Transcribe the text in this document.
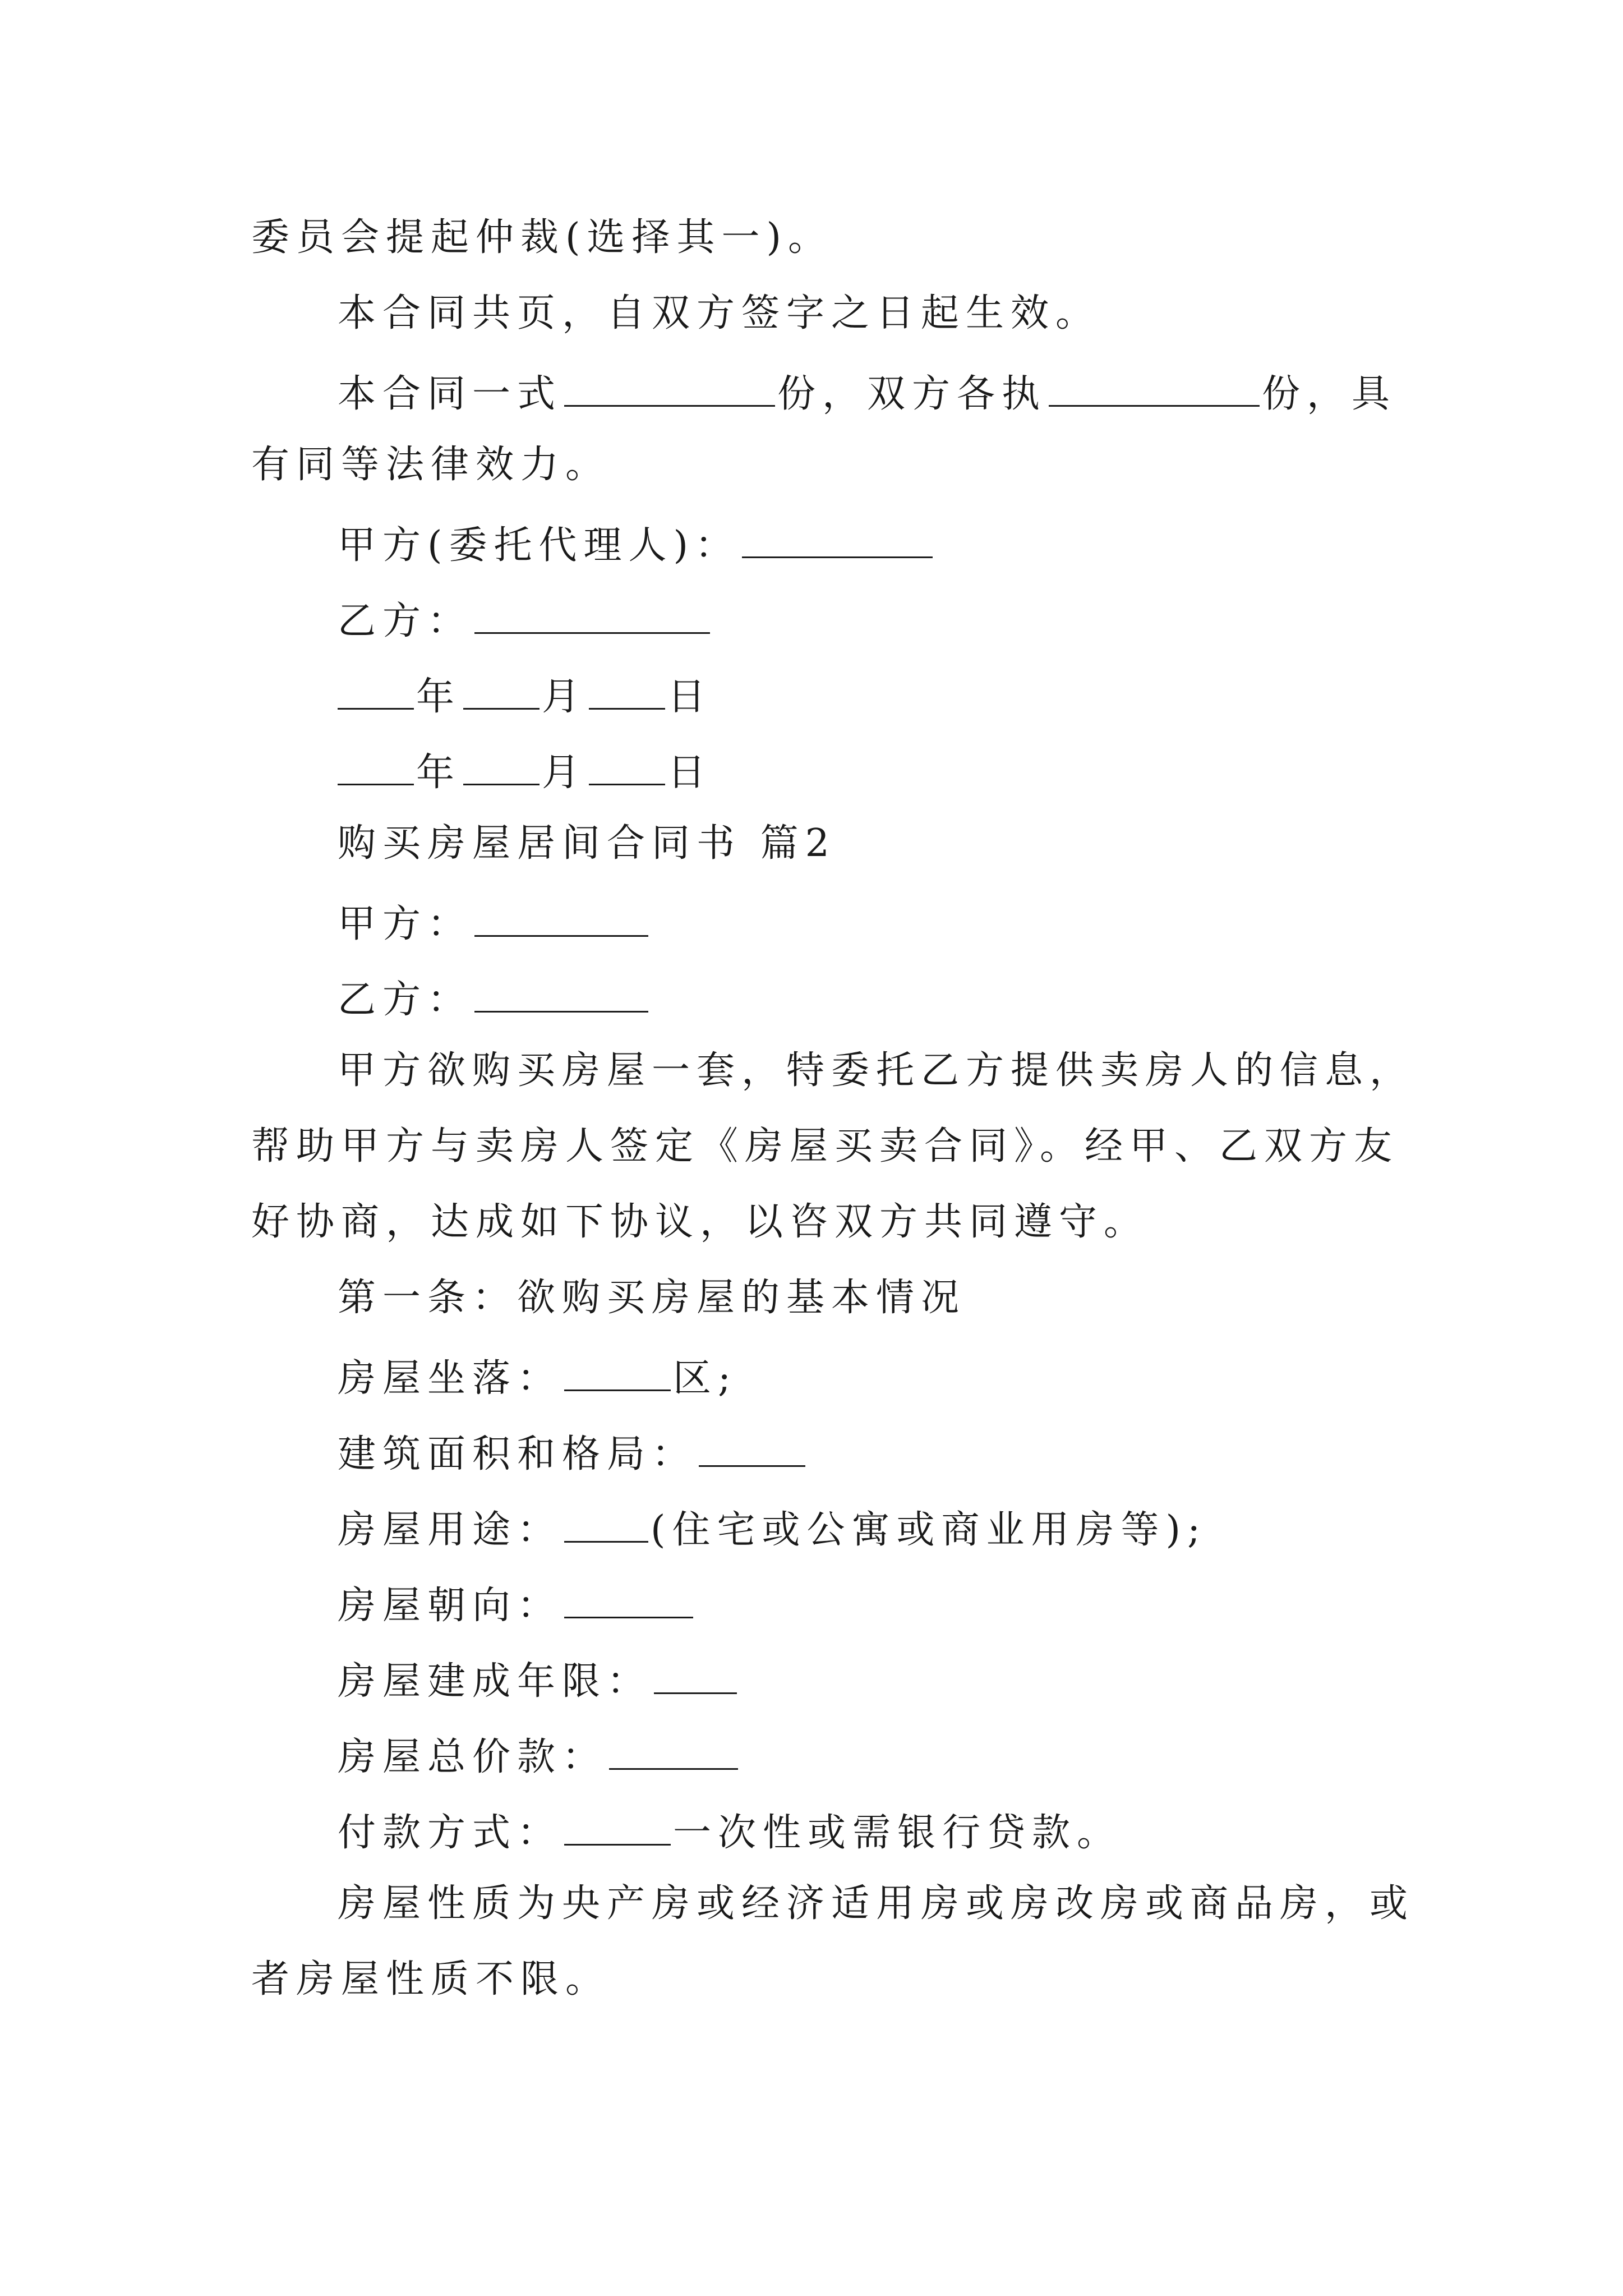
委员会提起仲裁(选择其一)。
本合同共页，自双方签字之日起生效。
本合同一式	份，双方各执	份，具
有同等法律效力。
甲方(委托代理人)：
乙方：
年 月 日
年 月 日
购买房屋居间合同书 篇2
甲方：
乙方：
甲方欲购买房屋一套，特委托乙方提供卖房人的信息，
帮助甲方与卖房人签定《房屋买卖合同》。经甲、乙双方友
好协商，达成如下协议，以咨双方共同遵守。
第一条：欲购买房屋的基本情况
房屋坐落：	区;
建筑面积和格局：
房屋用途： (住宅或公寓或商业用房等);
房屋朝向：
房屋建成年限：
房屋总价款：
付款方式：	一次性或需银行贷款。
房屋性质为央产房或经济适用房或房改房或商品房，或
者房屋性质不限。
